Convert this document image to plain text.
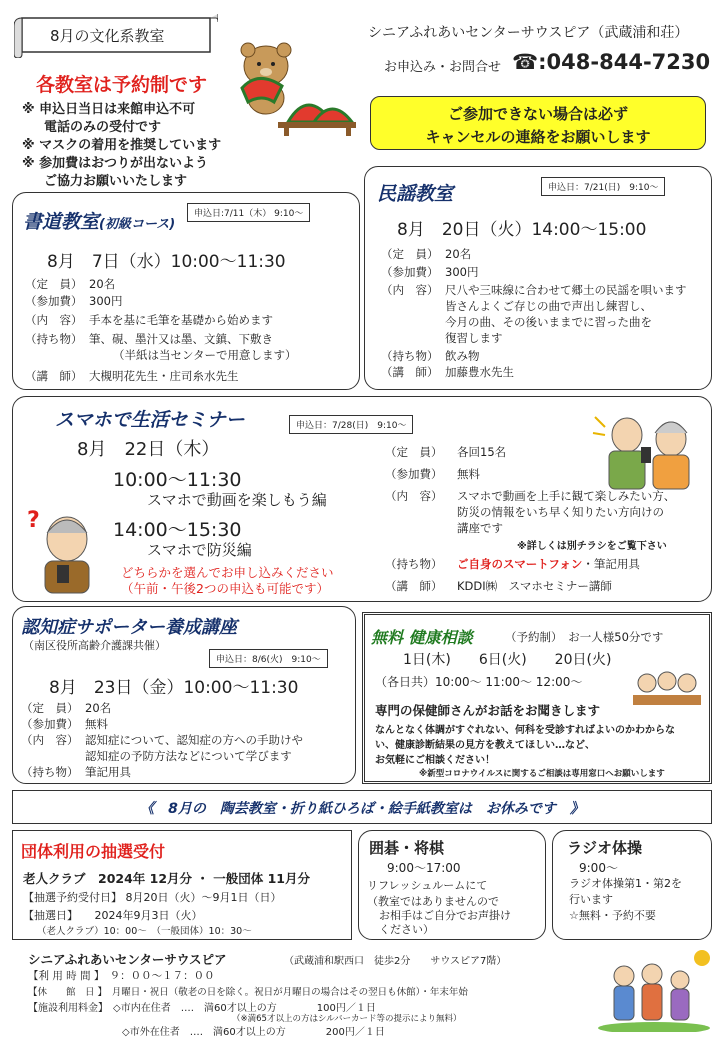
8月の文化系教室	シニアふれあいセンターサウスピア（武蔵浦和荘）
お申込み・お問合せ ☎:048-844-7230
各教室は予約制です
※ 申込日当日は来館申込不可
電話のみの受付です
※ マスクの着用を推奨しています
※ 参加費はおつりが出ないよう
ご協力お願いいたします
ご参加できない場合は必ず
キャンセルの連絡をお願いします
書道教室(初級コース)
申込日:7/11（木） 9:10～
8月　7日（水）10:00～11:30
（定　員） 20名
（参加費） 300円
（内　容） 手本を基に毛筆を基礎から始めます
（持ち物） 筆、硯、墨汁又は墨、文鎮、下敷き
（半紙は当センターで用意します）
（講　師） 大槻明花先生・庄司糸水先生
民謡教室	申込日：7/21(日)　9:10～
8月　20日（火）14:00～15:00
（定　員） 20名
（参加費） 300円
（内　容） 尺八や三味線に合わせて郷土の民謡を唄います
皆さんよくご存じの曲で声出し練習し、
今月の曲、その後いままでに習った曲を
復習します
（持ち物） 飲み物
（講　師） 加藤豊水先生
スマホで生活セミナー	申込日：7/28(日)　9:10～
8月　22日（木）
10:00～11:30
スマホで動画を楽しもう編
14:00～15:30
スマホで防災編
どちらかを選んでお申し込みください
（午前・午後2つの申込も可能です）
?
（定　員） 各回15名
（参加費） 無料
（内　容） スマホで動画を上手に観て楽しみたい方、
防災の情報をいち早く知りたい方向けの
講座です
※詳しくは別チラシをご覧下さい
（持ち物） ご自身のスマートフォン・筆記用具
（講　師） KDDI㈱　スマホセミナー講師
認知症サポーター養成講座
（南区役所高齢介護課共催）
申込日：8/6(火)　9:10～
8月　23日（金）10:00～11:30
（定　員） 20名
（参加費） 無料
（内　容） 認知症について、認知症の方への手助けや
認知症の予防方法などについて学びます
（持ち物） 筆記用具
無料 健康相談	（予約制）　お一人様50分です
1日(木)　　6日(火)　　20日(火)
（各日共）10:00～ 11:00～ 12:00～
専門の保健師さんがお話をお聞きします
なんとなく体調がすぐれない、何科を受診すればよいのかわからな
い、健康診断結果の見方を教えてほしい…など、
お気軽にご相談ください！
※新型コロナウイルスに関するご相談は専用窓口へお願いします
《　8月の　陶芸教室・折り紙ひろば・絵手紙教室は　お休みです　》
団体利用の抽選受付
老人クラブ　2024年 12月分 ・ 一般団体 11月分
【抽選予約受付日】 8月20日（火）～9月1日（日）
【抽選日】　　2024年9月3日（火）
（老人クラブ）10：00～　（一般団体）10：30～
囲碁・将棋
9:00～17:00
リフレッシュルームにて
（教室ではありませんので
お相手はご自分でお声掛け
ください）
ラジオ体操
9:00～
ラジオ体操第1・第2を
行います
☆無料・予約不要
シニアふれあいセンターサウスピア	（武蔵浦和駅西口　徒歩2分　　サウスピア7階）
【利 用 時 間 】　９：００～１７：００
【休　　館　日 】　月曜日・祝日（敬老の日を除く。祝日が月曜日の場合はその翌日も休館）・年末年始
【施設利用料金】　◇市内在住者　‥‥　満60才以上の方　　　　100円／１日
（※満65才以上の方はシルバーカード等の提示により無料）
◇市外在住者　‥‥　満60才以上の方　　　　200円／１日
